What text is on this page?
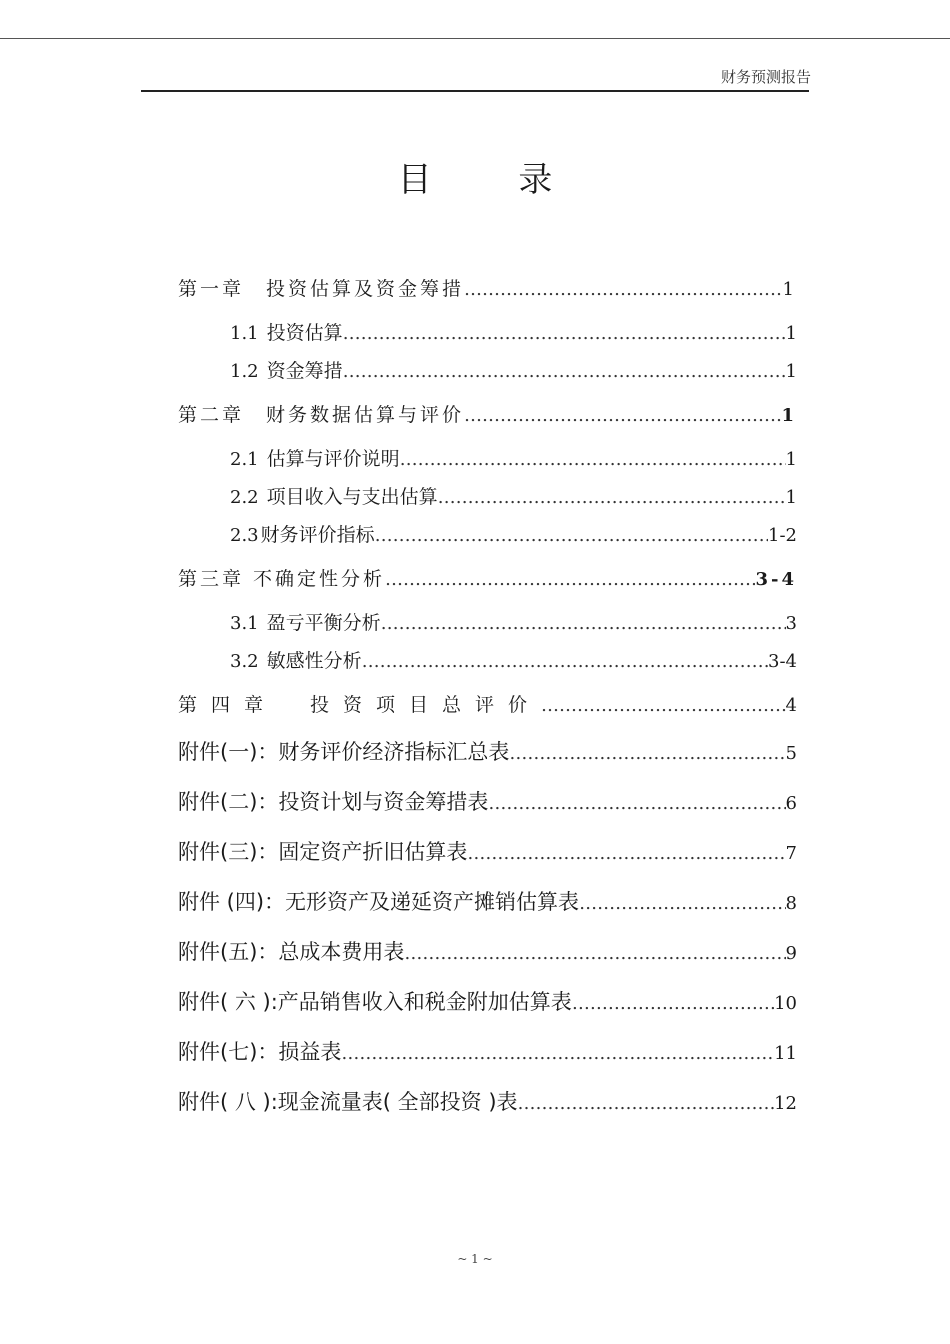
财务预测报告
目 录
第一章　投资估算及资金筹措 …………………………………………………………………………………………………………………………………………………………………………	1
1.1 投资估算 …………………………………………………………………………………………………………………………………………………………………………	1
1.2 资金筹措 …………………………………………………………………………………………………………………………………………………………………………	1
第二章　财务数据估算与评价 …………………………………………………………………………………………………………………………………………………………………………	1
2.1 估算与评价说明 …………………………………………………………………………………………………………………………………………………………………………	1
2.2 项目收入与支出估算 …………………………………………………………………………………………………………………………………………………………………………	1
2.3 财务评价指标 …………………………………………………………………………………………………………………………………………………………………………	1-2
第三章 不确定性分析 …………………………………………………………………………………………………………………………………………………………………………	3-4
3.1 盈亏平衡分析 …………………………………………………………………………………………………………………………………………………………………………	3
3.2 敏感性分析 …………………………………………………………………………………………………………………………………………………………………………	3-4
第四章　投资项目总评价 …………………………………………………………………………………………………………………………………………………………………………	4
附件(一)：财务评价经济指标汇总表 …………………………………………………………………………………………………………………………………………………………………………	5
附件(二)：投资计划与资金筹措表 …………………………………………………………………………………………………………………………………………………………………………	6
附件(三)：固定资产折旧估算表 …………………………………………………………………………………………………………………………………………………………………………	7
附件 (四)：无形资产及递延资产摊销估算表 …………………………………………………………………………………………………………………………………………………………………………	8
附件(五)：总成本费用表 …………………………………………………………………………………………………………………………………………………………………………	9
附件( 六 ):产品销售收入和税金附加估算表 …………………………………………………………………………………………………………………………………………………………………………	10
附件(七)：损益表 …………………………………………………………………………………………………………………………………………………………………………	11
附件( 八 ):现金流量表( 全部投资 )表 …………………………………………………………………………………………………………………………………………………………………………	12
~ 1 ~
